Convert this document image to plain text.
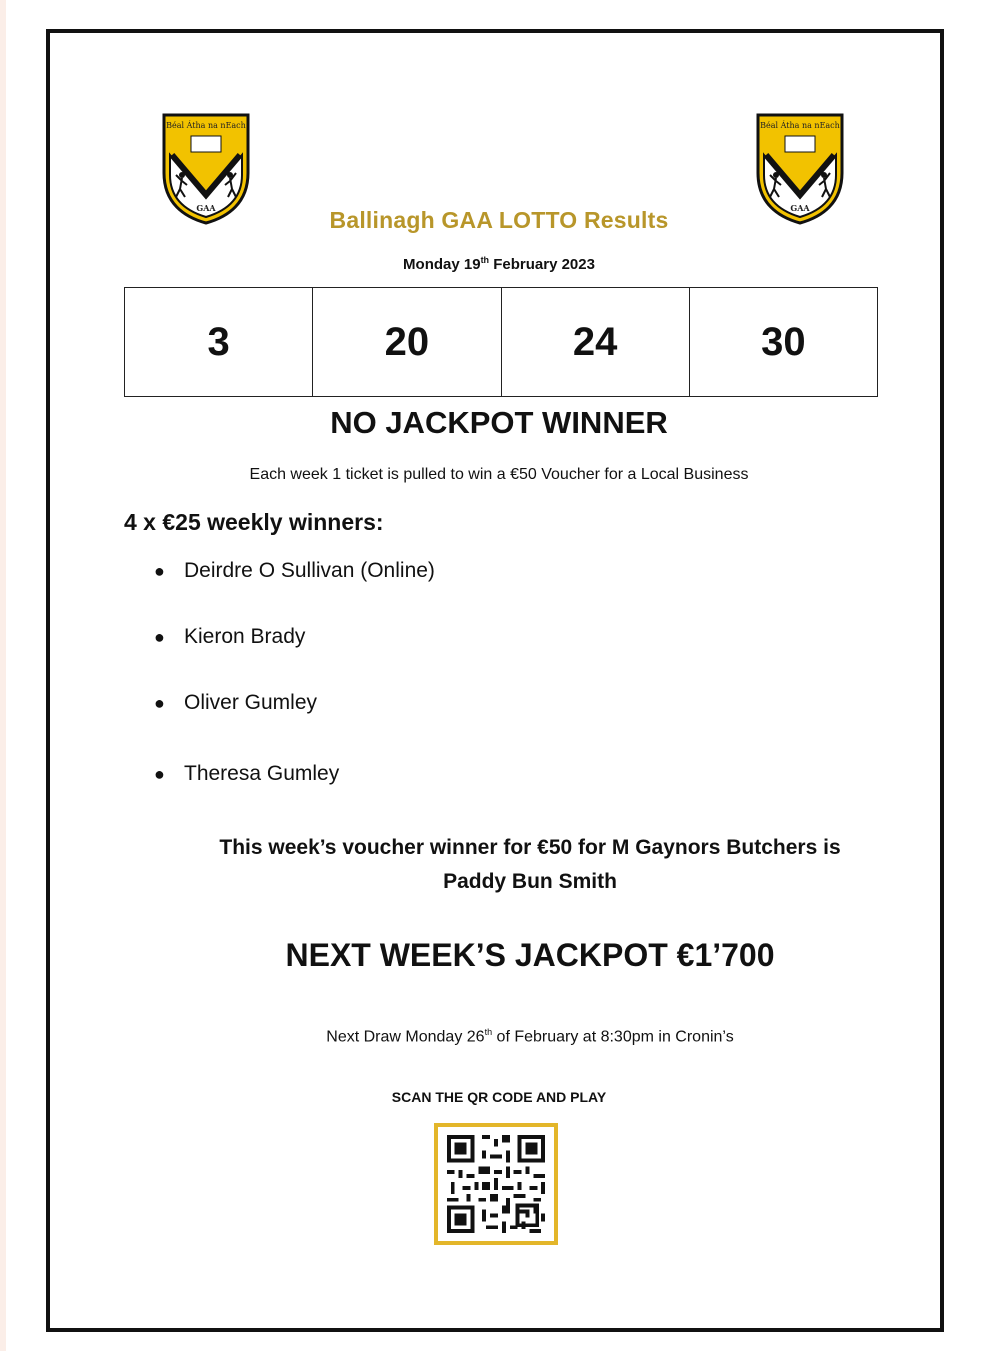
Béal Átha na nEach
GAA
Béal Átha na nEach
GAA
Ballinagh GAA LOTTO Results
Monday 19th February 2023
3	20	24	30
NO JACKPOT WINNER
Each week 1 ticket is pulled to win a €50 Voucher for a Local Business
4 x €25 weekly winners:
● Deirdre O Sullivan (Online)
● Kieron Brady
● Oliver Gumley
● Theresa Gumley
This week’s voucher winner for €50 for M Gaynors Butchers is
Paddy Bun Smith
NEXT WEEK’S JACKPOT €1’700
Next Draw Monday 26th of February at 8:30pm in Cronin’s
SCAN THE QR CODE AND PLAY
